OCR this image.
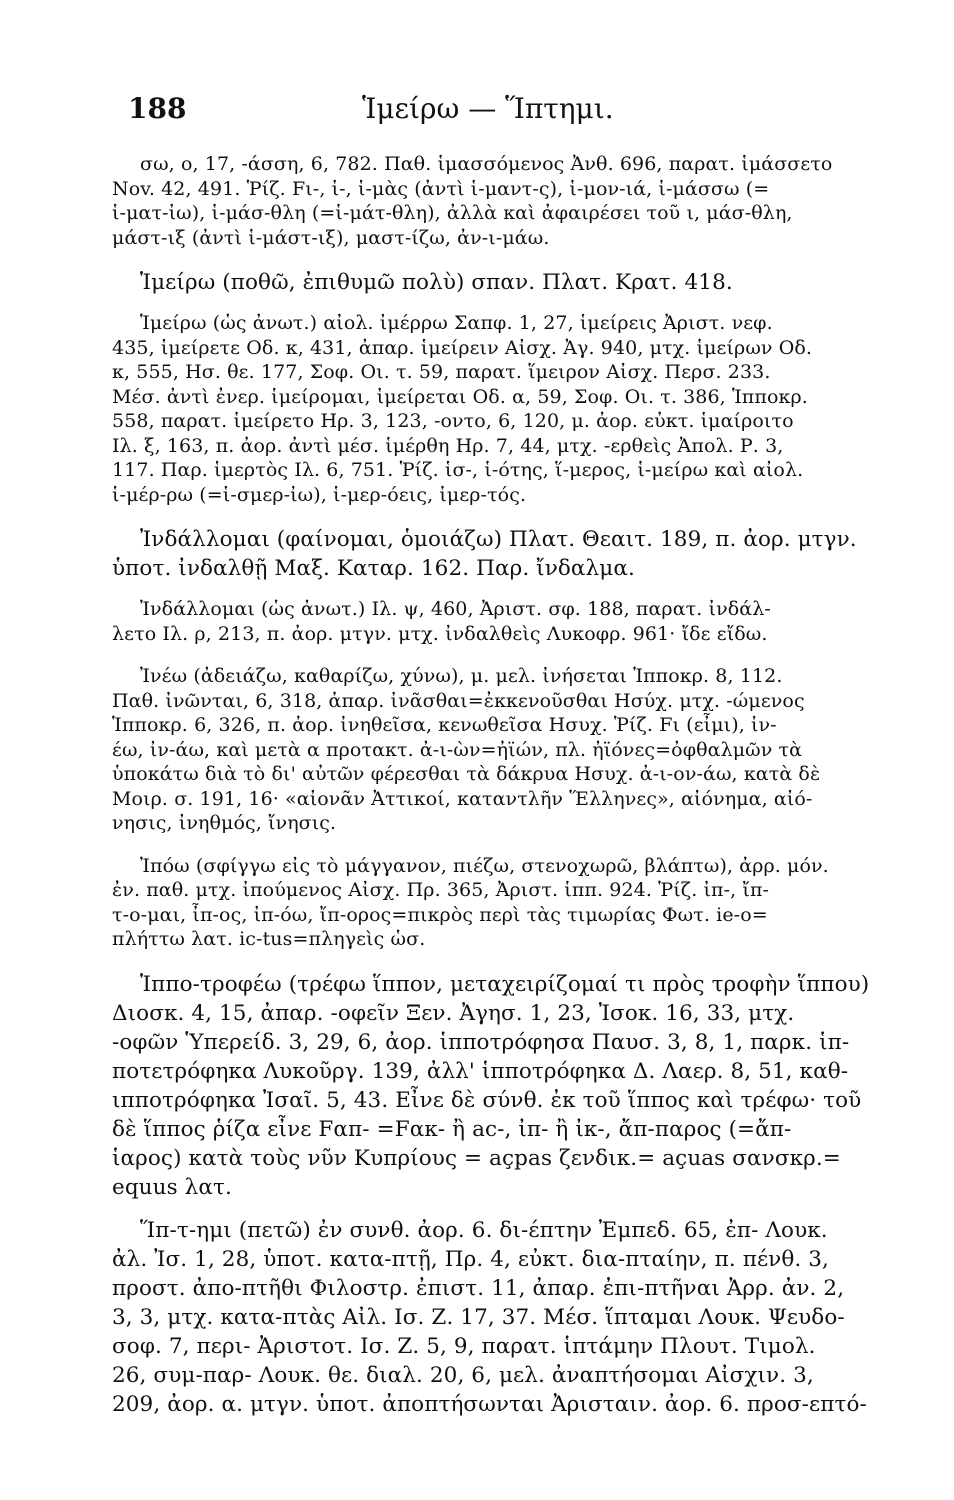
188	Ἱμείρω — Ἵπτημι.
σω, ο, 17, -άσση, 6, 782. Παθ. ἱμασσόμενος Ἀνθ. 696, παρατ. ἱμάσσετο
Nov. 42, 491. Ῥίζ. Fι-, ἱ-, ἱ-μὰς (ἀντὶ ἱ-μαντ-ς), ἱ-μον-ιά, ἱ-μάσσω (=
ἱ-ματ-ἰω), ἱ-μάσ-θλη (=ἱ-μάτ-θλη), ἀλλὰ καὶ ἀφαιρέσει τοῦ ι, μάσ-θλη,
μάστ-ιξ (ἀντὶ ἱ-μάστ-ιξ), μαστ-ίζω, ἀν-ι-μάω.
Ἱμείρω (ποθῶ, ἐπιθυμῶ πολὺ) σπαν. Πλατ. Κρατ. 418.
Ἱμείρω (ὡς ἀνωτ.) αἰολ. ἰμέρρω Σαπφ. 1, 27, ἱμείρεις Ἀριστ. νεφ.
435, ἱμείρετε Οδ. κ, 431, ἀπαρ. ἱμείρειν Αἰσχ. Ἀγ. 940, μτχ. ἱμείρων Οδ.
κ, 555, Ησ. θε. 177, Σοφ. Οι. τ. 59, παρατ. ἵμειρον Αἰσχ. Περσ. 233.
Μέσ. ἀντὶ ἐνερ. ἱμείρομαι, ἱμείρεται Οδ. α, 59, Σοφ. Οι. τ. 386, Ἱπποκρ.
558, παρατ. ἱμείρετο Ηρ. 3, 123, -οντο, 6, 120, μ. ἀορ. εὐκτ. ἱμαίροιτο
Ιλ. ξ, 163, π. ἀορ. ἀντὶ μέσ. ἱμέρθη Ηρ. 7, 44, μτχ. -ερθεὶς Ἀπολ. Ρ. 3,
117. Παρ. ἱμερτὸς Ιλ. 6, 751. Ῥίζ. ἱσ-, ἱ-ότης, ἵ-μερος, ἱ-μείρω καὶ αἰολ.
ἱ-μέρ-ρω (=ἱ-σμερ-ἰω), ἱ-μερ-όεις, ἱμερ-τός.
Ἰνδάλλομαι (φαίνομαι, ὁμοιάζω) Πλατ. Θεαιτ. 189, π. ἀορ. μτγν.
ὑποτ. ἰνδαλθῇ Μαξ. Καταρ. 162. Παρ. ἴνδαλμα.
Ἰνδάλλομαι (ὡς ἀνωτ.) Ιλ. ψ, 460, Ἀριστ. σφ. 188, παρατ. ἰνδάλ-
λετο Ιλ. ρ, 213, π. ἀορ. μτγν. μτχ. ἰνδαλθεὶς Λυκοφρ. 961· ἴδε εἴδω.
Ἰνέω (ἀδειάζω, καθαρίζω, χύνω), μ. μελ. ἰνήσεται Ἱπποκρ. 8, 112.
Παθ. ἰνῶνται, 6, 318, ἀπαρ. ἰνᾶσθαι=ἐκκενοῦσθαι Ησύχ. μτχ. -ώμενος
Ἱπποκρ. 6, 326, π. ἀορ. ἰνηθεῖσα, κενωθεῖσα Ησυχ. Ῥίζ. Fι (εἶμι), ἰν-
έω, ἰν-άω, καὶ μετὰ α προτακτ. ἀ-ι-ὼν=ἠϊών, πλ. ἠϊόνες=ὀφθαλμῶν τὰ
ὑποκάτω διὰ τὸ δι' αὐτῶν φέρεσθαι τὰ δάκρυα Ησυχ. ἀ-ι-ον-άω, κατὰ δὲ
Μοιρ. σ. 191, 16· «αἰονᾶν Ἀττικοί, καταντλῆν Ἕλληνες», αἰόνημα, αἰό-
νησις, ἰνηθμός, ἴνησις.
Ἰπόω (σφίγγω εἰς τὸ μάγγανον, πιέζω, στενοχωρῶ, βλάπτω), ἀρρ. μόν.
ἐν. παθ. μτχ. ἰπούμενος Αἰσχ. Πρ. 365, Ἀριστ. ἱππ. 924. Ῥίζ. ἰπ-, ἴπ-
τ-ο-μαι, ἶπ-ος, ἰπ-όω, ἴπ-ορος=πικρὸς περὶ τὰς τιμωρίας Φωτ. ie-o=
πλήττω λατ. ic-tus=πληγεὶς ὡσ.
Ἱππο-τροφέω (τρέφω ἵππον, μεταχειρίζομαί τι πρὸς τροφὴν ἵππου)
Διοσκ. 4, 15, ἀπαρ. -οφεῖν Ξεν. Ἀγησ. 1, 23, Ἰσοκ. 16, 33, μτχ.
-οφῶν Ὑπερείδ. 3, 29, 6, ἀορ. ἱπποτρόφησα Παυσ. 3, 8, 1, παρκ. ἱπ-
ποτετρόφηκα Λυκοῦργ. 139, ἀλλ' ἱπποτρόφηκα Δ. Λαερ. 8, 51, καθ-
ιπποτρόφηκα Ἰσαῖ. 5, 43. Εἶνε δὲ σύνθ. ἐκ τοῦ ἵππος καὶ τρέφω· τοῦ
δὲ ἵππος ῥίζα εἶνε Fαπ- =Fακ- ἢ ac-, ἰπ- ἢ ἰκ-, ἄπ-παρος (=ἄπ-
ἱαρος) κατὰ τοὺς νῦν Κυπρίους = açpas ζενδικ.= açuas σανσκρ.=
equus λατ.
Ἵπ-τ-ημι (πετῶ) ἐν συνθ. ἀορ. 6. δι-έπτην Ἐμπεδ. 65, ἐπ- Λουκ.
ἀλ. Ἰσ. 1, 28, ὑποτ. κατα-πτῇ, Πρ. 4, εὐκτ. δια-πταίην, π. πένθ. 3,
προστ. ἀπο-πτῆθι Φιλοστρ. ἐπιστ. 11, ἀπαρ. ἐπι-πτῆναι Ἀρρ. ἀν. 2,
3, 3, μτχ. κατα-πτὰς Αἰλ. Ισ. Ζ. 17, 37. Μέσ. ἵπταμαι Λουκ. Ψευδο-
σοφ. 7, περι- Ἀριστοτ. Ισ. Ζ. 5, 9, παρατ. ἱπτάμην Πλουτ. Τιμολ.
26, συμ-παρ- Λουκ. θε. διαλ. 20, 6, μελ. ἀναπτήσομαι Αἰσχιν. 3,
209, ἀορ. α. μτγν. ὑποτ. ἀποπτήσωνται Ἀρισταιν. ἀορ. 6. προσ-επτό-
